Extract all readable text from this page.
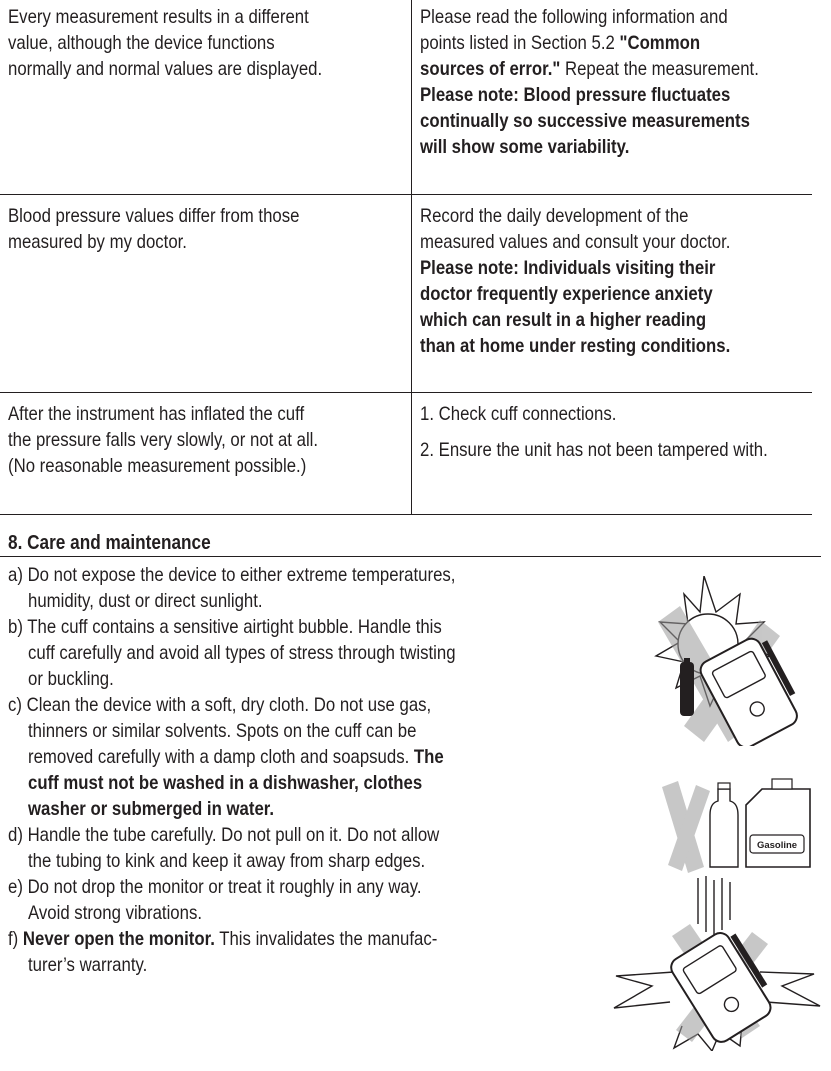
Every measurement results in a different
value, although the device functions
normally and normal values are displayed.
Please read the following information and
points listed in Section 5.2 "Common
sources of error." Repeat the measurement.
Please note: Blood pressure fluctuates
continually so successive measurements
will show some variability.
Blood pressure values differ from those
measured by my doctor.
Record the daily development of the
measured values and consult your doctor.
Please note: Individuals visiting their
doctor frequently experience anxiety
which can result in a higher reading
than at home under resting conditions.
After the instrument has inflated the cuff
the pressure falls very slowly, or not at all.
(No reasonable measurement possible.)
1. Check cuff connections.
2. Ensure the unit has not been tampered with.
8. Care and maintenance
a) Do not expose the device to either extreme temperatures,
humidity, dust or direct sunlight.
b) The cuff contains a sensitive airtight bubble. Handle this
cuff carefully and avoid all types of stress through twisting
or buckling.
c) Clean the device with a soft, dry cloth. Do not use gas,
thinners or similar solvents. Spots on the cuff can be
removed carefully with a damp cloth and soapsuds. The
cuff must not be washed in a dishwasher, clothes
washer or submerged in water.
d) Handle the tube carefully. Do not pull on it. Do not allow
the tubing to kink and keep it away from sharp edges.
e) Do not drop the monitor or treat it roughly in any way.
Avoid strong vibrations.
f) Never open the monitor. This invalidates the manufac-
turer’s warranty.
Gasoline
